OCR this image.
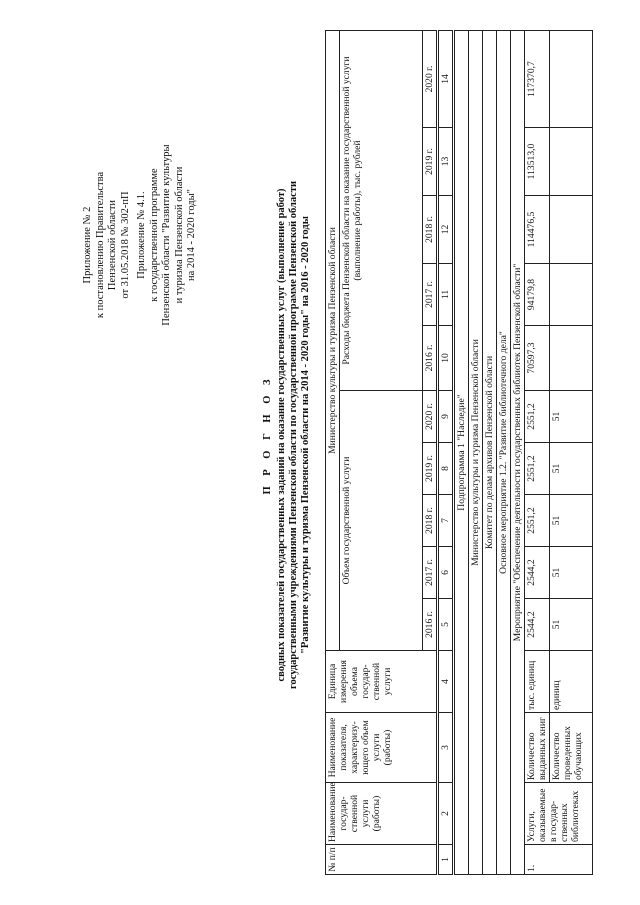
Приложение № 2 к постановлению Правительства Пензенской области от 31.05.2018 № 302-пП Приложение № 4.1. к государственной программе Пензенской области "Развитие культуры и туризма Пензенской области на 2014 - 2020 годы"
П Р О Г Н О З сводных показателей государственных заданий на оказание государственных услуг (выполнение работ) государственными учреждениями Пензенской области по государственной программе Пензенской области "Развитие культуры и туризма Пензенской области на 2014 - 2020 годы" на 2016 - 2020 годы
№ п/п	Наименование государ-ственной услуги (работы)	Наименование показателя, характеризу-ющего объем услуги (работы)	Единица измерения объема государ-ственной услуги	Министерство культуры и туризма Пензенской области									
				Объем государственной услуги					Расходы бюджета Пензенской области на оказание государственной услуги (выполнение работы), тыс. рублей				
				2016 г.	2017 г.	2018 г.	2019 г.	2020 г.	2016 г.	2017 г.	2018 г.	2019 г.	2020 г.
1	2	3	4	5	6	7	8	9	10	11	12	13	14
Подпрограмма 1 "Наследие"													
Министерство культуры и туризма Пензенской области													
Комитет по делам архивов Пензенской области													
Основное мероприятие 1.2. "Развитие библиотечного дела"													
Мероприятие "Обеспечение деятельности государственных библиотек Пензенской области"													
1.	Услуги, оказываемые в государ-ственных библиотеках	Количество выданных книг	тыс. единиц	2544,2	2544,2	2551,2	2551,2	2551,2	70597,3	94179,8	114476,5	113513,0	117370,7
		Количество проведенных обучающих	единиц	51	51	51	51	51					
